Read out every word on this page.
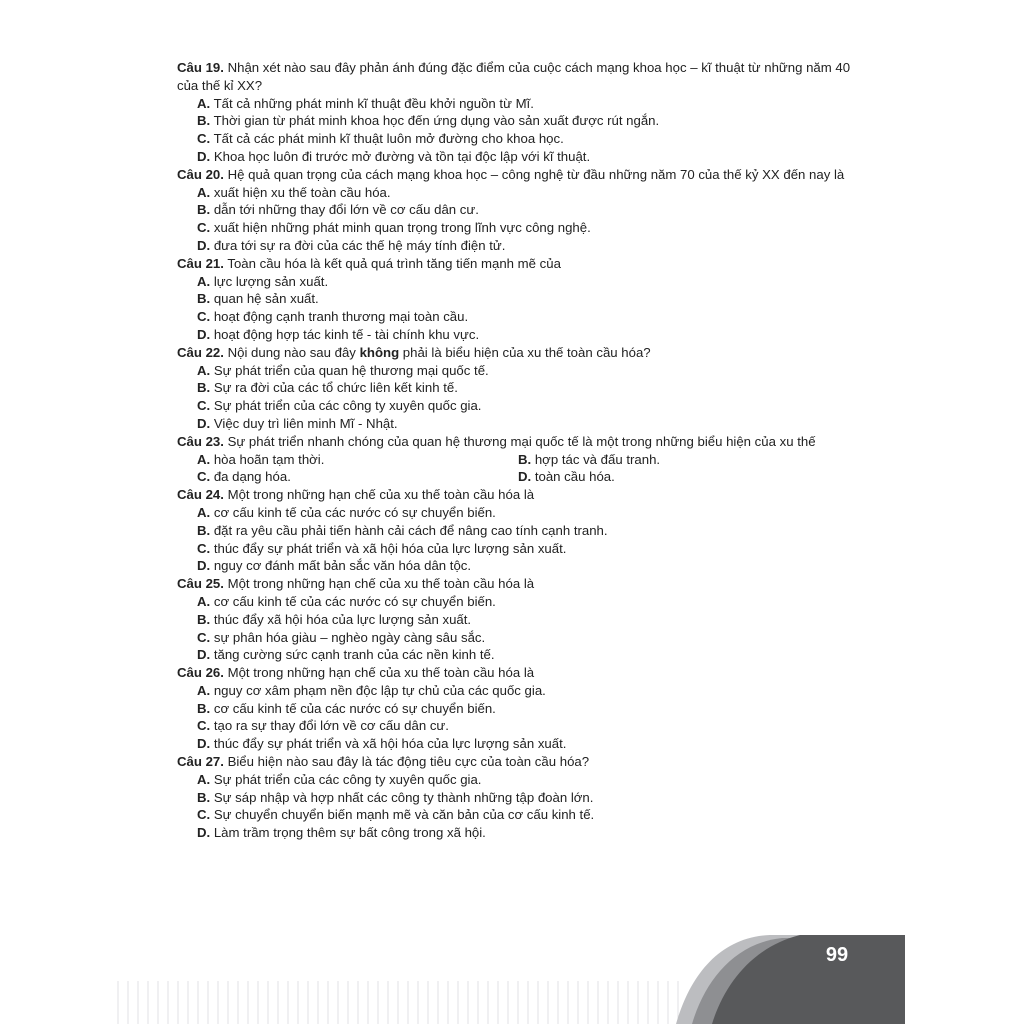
Câu 19. Nhận xét nào sau đây phản ánh đúng đặc điểm của cuộc cách mạng khoa học – kĩ thuật từ những năm 40 của thế kỉ XX?
A. Tất cả những phát minh kĩ thuật đều khởi nguồn từ Mĩ.
B. Thời gian từ phát minh khoa học đến ứng dụng vào sản xuất được rút ngắn.
C. Tất cả các phát minh kĩ thuật luôn mở đường cho khoa học.
D. Khoa học luôn đi trước mở đường và tồn tại độc lập với kĩ thuật.
Câu 20. Hệ quả quan trọng của cách mạng khoa học – công nghệ từ đầu những năm 70 của thế kỷ XX đến nay là
A. xuất hiện xu thế toàn cầu hóa.
B. dẫn tới những thay đổi lớn về cơ cấu dân cư.
C. xuất hiện những phát minh quan trọng trong lĩnh vực công nghệ.
D. đưa tới sự ra đời của các thế hệ máy tính điện tử.
Câu 21. Toàn cầu hóa là kết quả quá trình tăng tiến mạnh mẽ của
A. lực lượng sản xuất.
B. quan hệ sản xuất.
C. hoạt động cạnh tranh thương mại toàn cầu.
D. hoạt động hợp tác kinh tế - tài chính khu vực.
Câu 22. Nội dung nào sau đây không phải là biểu hiện của xu thế toàn cầu hóa?
A. Sự phát triển của quan hệ thương mại quốc tế.
B. Sự ra đời của các tổ chức liên kết kinh tế.
C. Sự phát triển của các công ty xuyên quốc gia.
D. Việc duy trì liên minh Mĩ - Nhật.
Câu 23. Sự phát triển nhanh chóng của quan hệ thương mại quốc tế là một trong những biểu hiện của xu thế
A. hòa hoãn tạm thời.	B. hợp tác và đấu tranh.
C. đa dạng hóa.	D. toàn cầu hóa.
Câu 24. Một trong những hạn chế của xu thế toàn cầu hóa là
A. cơ cấu kinh tế của các nước có sự chuyển biến.
B. đặt ra yêu cầu phải tiến hành cải cách để nâng cao tính cạnh tranh.
C. thúc đẩy sự phát triển và xã hội hóa của lực lượng sản xuất.
D. nguy cơ đánh mất bản sắc văn hóa dân tộc.
Câu 25. Một trong những hạn chế của xu thế toàn cầu hóa là
A. cơ cấu kinh tế của các nước có sự chuyển biến.
B. thúc đẩy xã hội hóa của lực lượng sản xuất.
C. sự phân hóa giàu – nghèo ngày càng sâu sắc.
D. tăng cường sức cạnh tranh của các nền kinh tế.
Câu 26. Một trong những hạn chế của xu thế toàn cầu hóa là
A. nguy cơ xâm phạm nền độc lập tự chủ của các quốc gia.
B. cơ cấu kinh tế của các nước có sự chuyển biến.
C. tạo ra sự thay đổi lớn về cơ cấu dân cư.
D. thúc đẩy sự phát triển và xã hội hóa của lực lượng sản xuất.
Câu 27. Biểu hiện nào sau đây là tác động tiêu cực của toàn cầu hóa?
A. Sự phát triển của các công ty xuyên quốc gia.
B. Sự sáp nhập và hợp nhất các công ty thành những tập đoàn lớn.
C. Sự chuyển chuyển biến mạnh mẽ và căn bản của cơ cấu kinh tế.
D. Làm trầm trọng thêm sự bất công trong xã hội.
99
